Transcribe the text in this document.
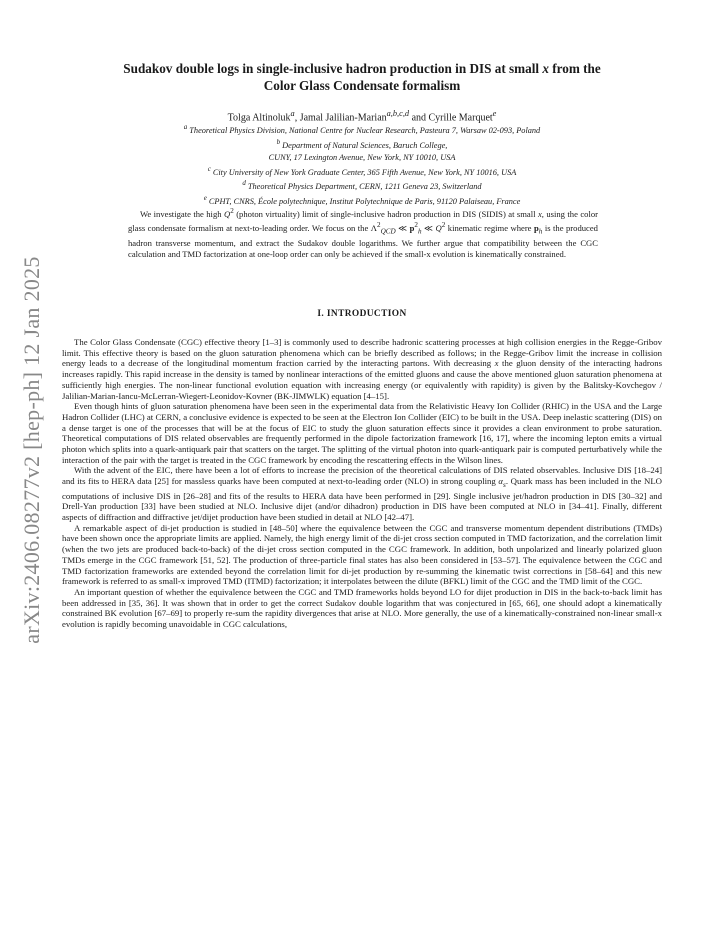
arXiv:2406.08277v2 [hep-ph] 12 Jan 2025
Sudakov double logs in single-inclusive hadron production in DIS at small x from the
Color Glass Condensate formalism
Tolga Altinoluk$^a$, Jamal Jalilian-Marian$^{a,b,c,d}$ and Cyrille Marquet$^e$
$^a$ Theoretical Physics Division, National Centre for Nuclear Research, Pasteura 7, Warsaw 02-093, Poland
$^b$ Department of Natural Sciences, Baruch College,
CUNY, 17 Lexington Avenue, New York, NY 10010, USA
$^c$ City University of New York Graduate Center, 365 Fifth Avenue, New York, NY 10016, USA
$^d$ Theoretical Physics Department, CERN, 1211 Geneva 23, Switzerland
$^e$ CPHT, CNRS, École polytechnique, Institut Polytechnique de Paris, 91120 Palaiseau, France

We investigate the high $Q^2$ (photon virtuality) limit of single-inclusive hadron production in DIS (SIDIS) at small x, using the color glass condensate formalism at next-to-leading order. We focus on the $\Lambda^2_{QCD}$ ≪ $p^2_h$ ≪ $Q^2$ kinematic regime where $p_h$ is the produced hadron transverse momentum, and extract the Sudakov double logarithms. We further argue that compatibility between the CGC calculation and TMD factorization at one-loop order can only be achieved if the small-x evolution is kinematically constrained.

I. INTRODUCTION

The Color Glass Condensate (CGC) effective theory [1–3] is commonly used to describe hadronic scattering processes at high collision energies in the Regge-Gribov limit. This effective theory is based on the gluon saturation phenomena which can be briefly described as follows; in the Regge-Gribov limit the increase in collision energy leads to a decrease of the longitudinal momentum fraction carried by the interacting partons. With decreasing x the gluon density of the interacting hadrons increases rapidly. This rapid increase in the density is tamed by nonlinear interactions of the emitted gluons and cause the above mentioned gluon saturation phenomena at sufficiently high energies. The non-linear functional evolution equation with increasing energy (or equivalently with rapidity) is given by the Balitsky-Kovchegov / Jalilian-Marian-Iancu-McLerran-Wiegert-Leonidov-Kovner (BK-JIMWLK) equation [4–15].

Even though hints of gluon saturation phenomena have been seen in the experimental data from the Relativistic Heavy Ion Collider (RHIC) in the USA and the Large Hadron Collider (LHC) at CERN, a conclusive evidence is expected to be seen at the Electron Ion Collider (EIC) to be built in the USA. Deep inelastic scattering (DIS) on a dense target is one of the processes that will be at the focus of EIC to study the gluon saturation effects since it provides a clean environment to probe saturation. Theoretical computations of DIS related observables are frequently performed in the dipole factorization framework [16, 17], where the incoming lepton emits a virtual photon which splits into a quark-antiquark pair that scatters on the target. The splitting of the virtual photon into quark-antiquark pair is computed perturbatively while the interaction of the pair with the target is treated in the CGC framework by encoding the rescattering effects in the Wilson lines.

With the advent of the EIC, there have been a lot of efforts to increase the precision of the theoretical calculations of DIS related observables. Inclusive DIS [18–24] and its fits to HERA data [25] for massless quarks have been computed at next-to-leading order (NLO) in strong coupling $\alpha_s$. Quark mass has been included in the NLO computations of inclusive DIS in [26–28] and fits of the results to HERA data have been performed in [29]. Single inclusive jet/hadron production in DIS [30–32] and Drell-Yan production [33] have been studied at NLO. Inclusive dijet (and/or dihadron) production in DIS have been computed at NLO in [34–41]. Finally, different aspects of diffraction and diffractive jet/dijet production have been studied in detail at NLO [42–47].

A remarkable aspect of di-jet production is studied in [48–50] where the equivalence between the CGC and transverse momentum dependent distributions (TMDs) have been shown once the appropriate limits are applied. Namely, the high energy limit of the di-jet cross section computed in TMD factorization, and the correlation limit (when the two jets are produced back-to-back) of the di-jet cross section computed in the CGC framework. In addition, both unpolarized and linearly polarized gluon TMDs emerge in the CGC framework [51, 52]. The production of three-particle final states has also been considered in [53–57]. The equivalence between the CGC and TMD factorization frameworks are extended beyond the correlation limit for di-jet production by re-summing the kinematic twist corrections in [58–64] and this new framework is referred to as small-x improved TMD (ITMD) factorization; it interpolates between the dilute (BFKL) limit of the CGC and the TMD limit of the CGC.

An important question of whether the equivalence between the CGC and TMD frameworks holds beyond LO for dijet production in DIS in the back-to-back limit has been addressed in [35, 36]. It was shown that in order to get the correct Sudakov double logarithm that was conjectured in [65, 66], one should adopt a kinematically constrained BK evolution [67–69] to properly re-sum the rapidity divergences that arise at NLO. More generally, the use of a kinematically-constrained non-linear small-x evolution is rapidly becoming unavoidable in CGC calculations,
